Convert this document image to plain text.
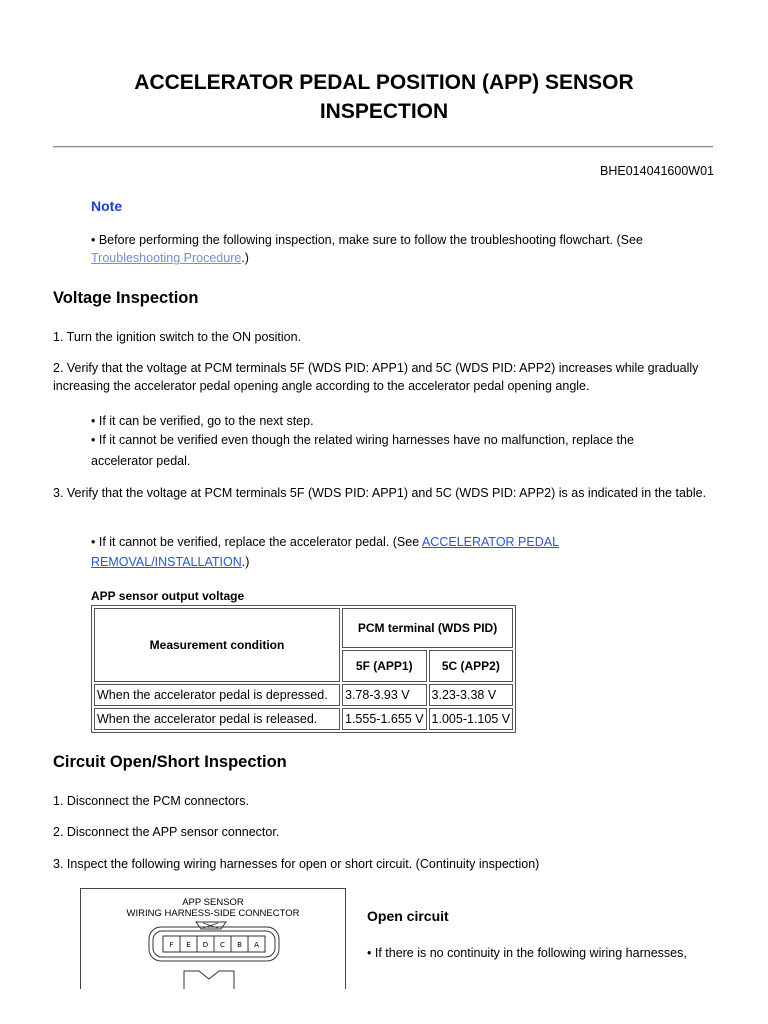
ACCELERATOR PEDAL POSITION (APP) SENSOR
INSPECTION
BHE014041600W01
Note
• Before performing the following inspection, make sure to follow the troubleshooting flowchart. (See Troubleshooting Procedure.)
Voltage Inspection
1. Turn the ignition switch to the ON position.
2. Verify that the voltage at PCM terminals 5F (WDS PID: APP1) and 5C (WDS PID: APP2) increases while gradually increasing the accelerator pedal opening angle according to the accelerator pedal opening angle.
• If it can be verified, go to the next step.
• If it cannot be verified even though the related wiring harnesses have no malfunction, replace the accelerator pedal.
3. Verify that the voltage at PCM terminals 5F (WDS PID: APP1) and 5C (WDS PID: APP2) is as indicated in the table.
• If it cannot be verified, replace the accelerator pedal. (See ACCELERATOR PEDAL REMOVAL/INSTALLATION.)
APP sensor output voltage
Measurement condition	PCM terminal (WDS PID)	
	5F (APP1)	5C (APP2)
When the accelerator pedal is depressed.	3.78-3.93 V	3.23-3.38 V
When the accelerator pedal is released.	1.555-1.655 V	1.005-1.105 V
Circuit Open/Short Inspection
1. Disconnect the PCM connectors.
2. Disconnect the APP sensor connector.
3. Inspect the following wiring harnesses for open or short circuit. (Continuity inspection)
APP SENSOR
WIRING HARNESS-SIDE CONNECTOR
F E D C B A
Open circuit
• If there is no continuity in the following wiring harnesses,
